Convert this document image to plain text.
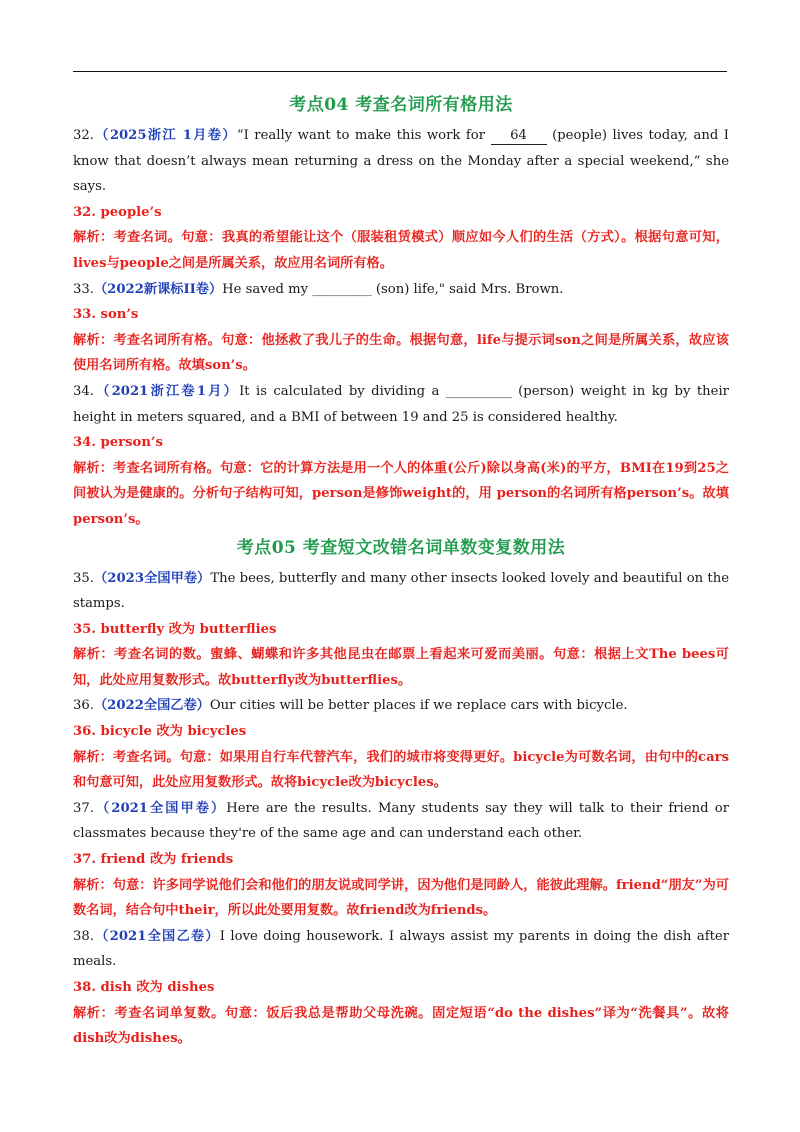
考点04 考查名词所有格用法

32.（2025浙江 1月卷）“I really want to make this work for 64 (people) lives today, and I know that doesn’t always mean returning a dress on the Monday after a special weekend,” she says.

32. people’s

解析：考查名词。句意：我真的希望能让这个（服装租赁模式）顺应如今人们的生活（方式）。根据句意可知，lives与people之间是所属关系，故应用名词所有格。

33.（2022新课标II卷）He saved my _________ (son) life," said Mrs. Brown.

33. son’s

解析：考查名词所有格。句意：他拯救了我儿子的生命。根据句意，life与提示词son之间是所属关系，故应该使用名词所有格。故填son’s。

34.（2021浙江卷1月）It is calculated by dividing a __________ (person) weight in kg by their height in meters squared, and a BMI of between 19 and 25 is considered healthy.

34. person’s

解析：考查名词所有格。句意：它的计算方法是用一个人的体重(公斤)除以身高(米)的平方，BMI在19到25之间被认为是健康的。分析句子结构可知，person是修饰weight的，用 person的名词所有格person’s。故填person’s。

考点05 考查短文改错名词单数变复数用法

35.（2023全国甲卷）The bees, butterfly and many other insects looked lovely and beautiful on the stamps.

35. butterfly 改为 butterflies

解析：考查名词的数。蜜蜂、蝴蝶和许多其他昆虫在邮票上看起来可爱而美丽。句意：根据上文The bees可知，此处应用复数形式。故butterfly改为butterflies。

36.（2022全国乙卷）Our cities will be better places if we replace cars with bicycle.

36. bicycle 改为 bicycles

解析：考查名词。句意：如果用自行车代替汽车，我们的城市将变得更好。bicycle为可数名词，由句中的cars和句意可知，此处应用复数形式。故将bicycle改为bicycles。

37.（2021全国甲卷）Here are the results. Many students say they will talk to their friend or classmates because they're of the same age and can understand each other.

37. friend 改为 friends

解析：句意：许多同学说他们会和他们的朋友说或同学讲，因为他们是同龄人，能彼此理解。friend“朋友”为可数名词，结合句中their，所以此处要用复数。故friend改为friends。

38.（2021全国乙卷）I love doing housework. I always assist my parents in doing the dish after meals.

38. dish 改为 dishes

解析：考查名词单复数。句意：饭后我总是帮助父母洗碗。固定短语“do the dishes”译为“洗餐具”。故将dish改为dishes。
